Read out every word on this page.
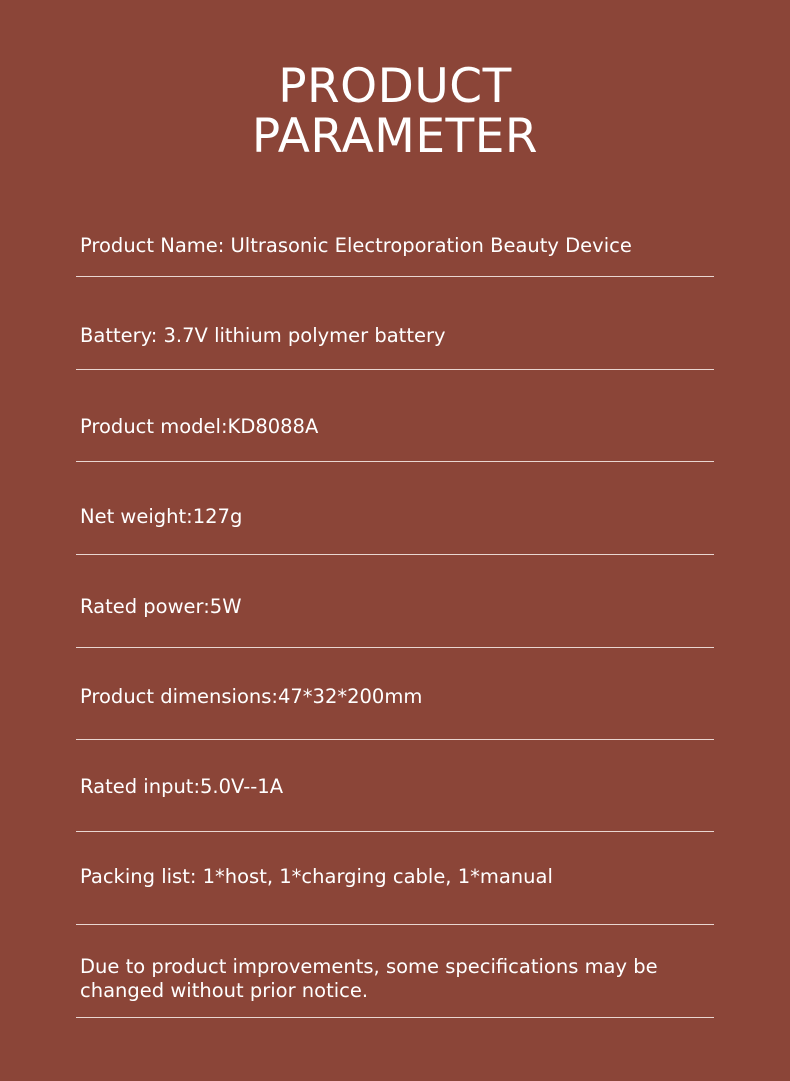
PRODUCT
PARAMETER
Product Name: Ultrasonic Electroporation Beauty Device
Battery: 3.7V lithium polymer battery
Product model:KD8088A
Net weight:127g
Rated power:5W
Product dimensions:47*32*200mm
Rated input:5.0V--1A
Packing list: 1*host, 1*charging cable, 1*manual
Due to product improvements, some specifications may be changed without prior notice.
